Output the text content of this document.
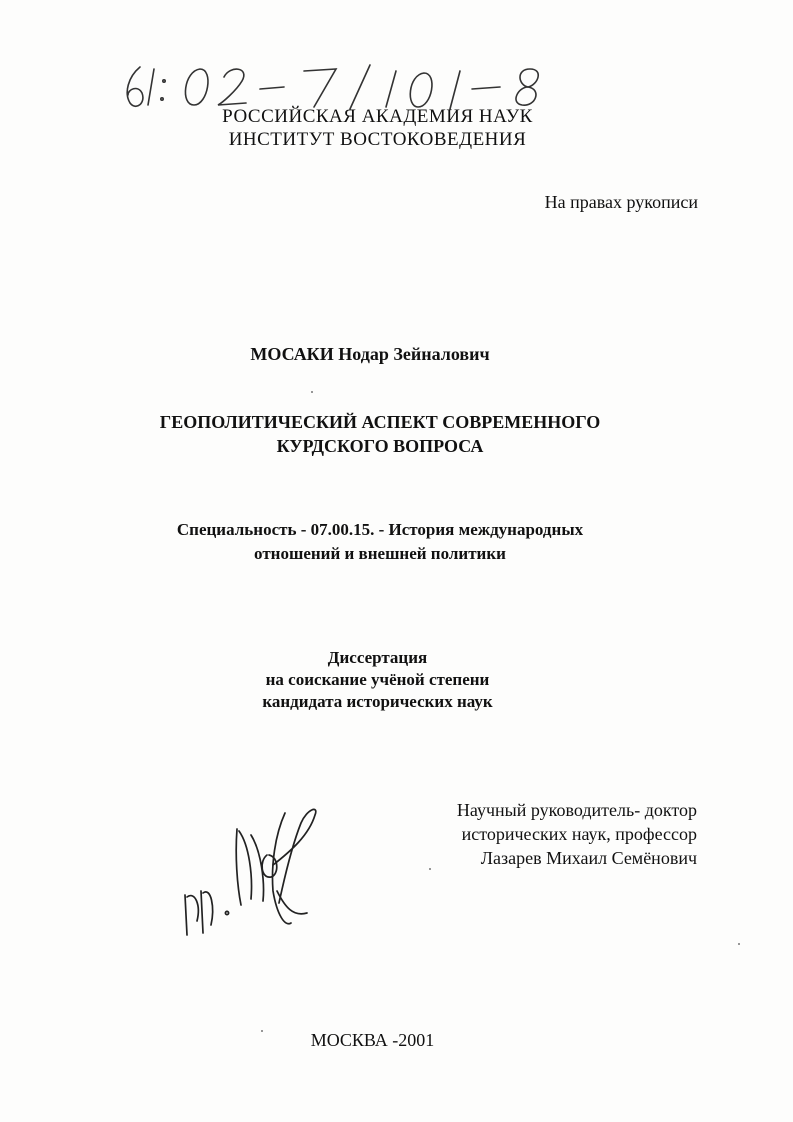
РОССИЙСКАЯ АКАДЕМИЯ НАУК
ИНСТИТУТ ВОСТОКОВЕДЕНИЯ
На правах рукописи
МОСАКИ Нодар Зейналович
ГЕОПОЛИТИЧЕСКИЙ АСПЕКТ СОВРЕМЕННОГО
КУРДСКОГО ВОПРОСА
Специальность - 07.00.15. - История международных
отношений и внешней политики
Диссертация
на соискание учёной степени
кандидата исторических наук
Научный руководитель- доктор
исторических наук, профессор
Лазарев Михаил Семёнович
МОСКВА -2001
